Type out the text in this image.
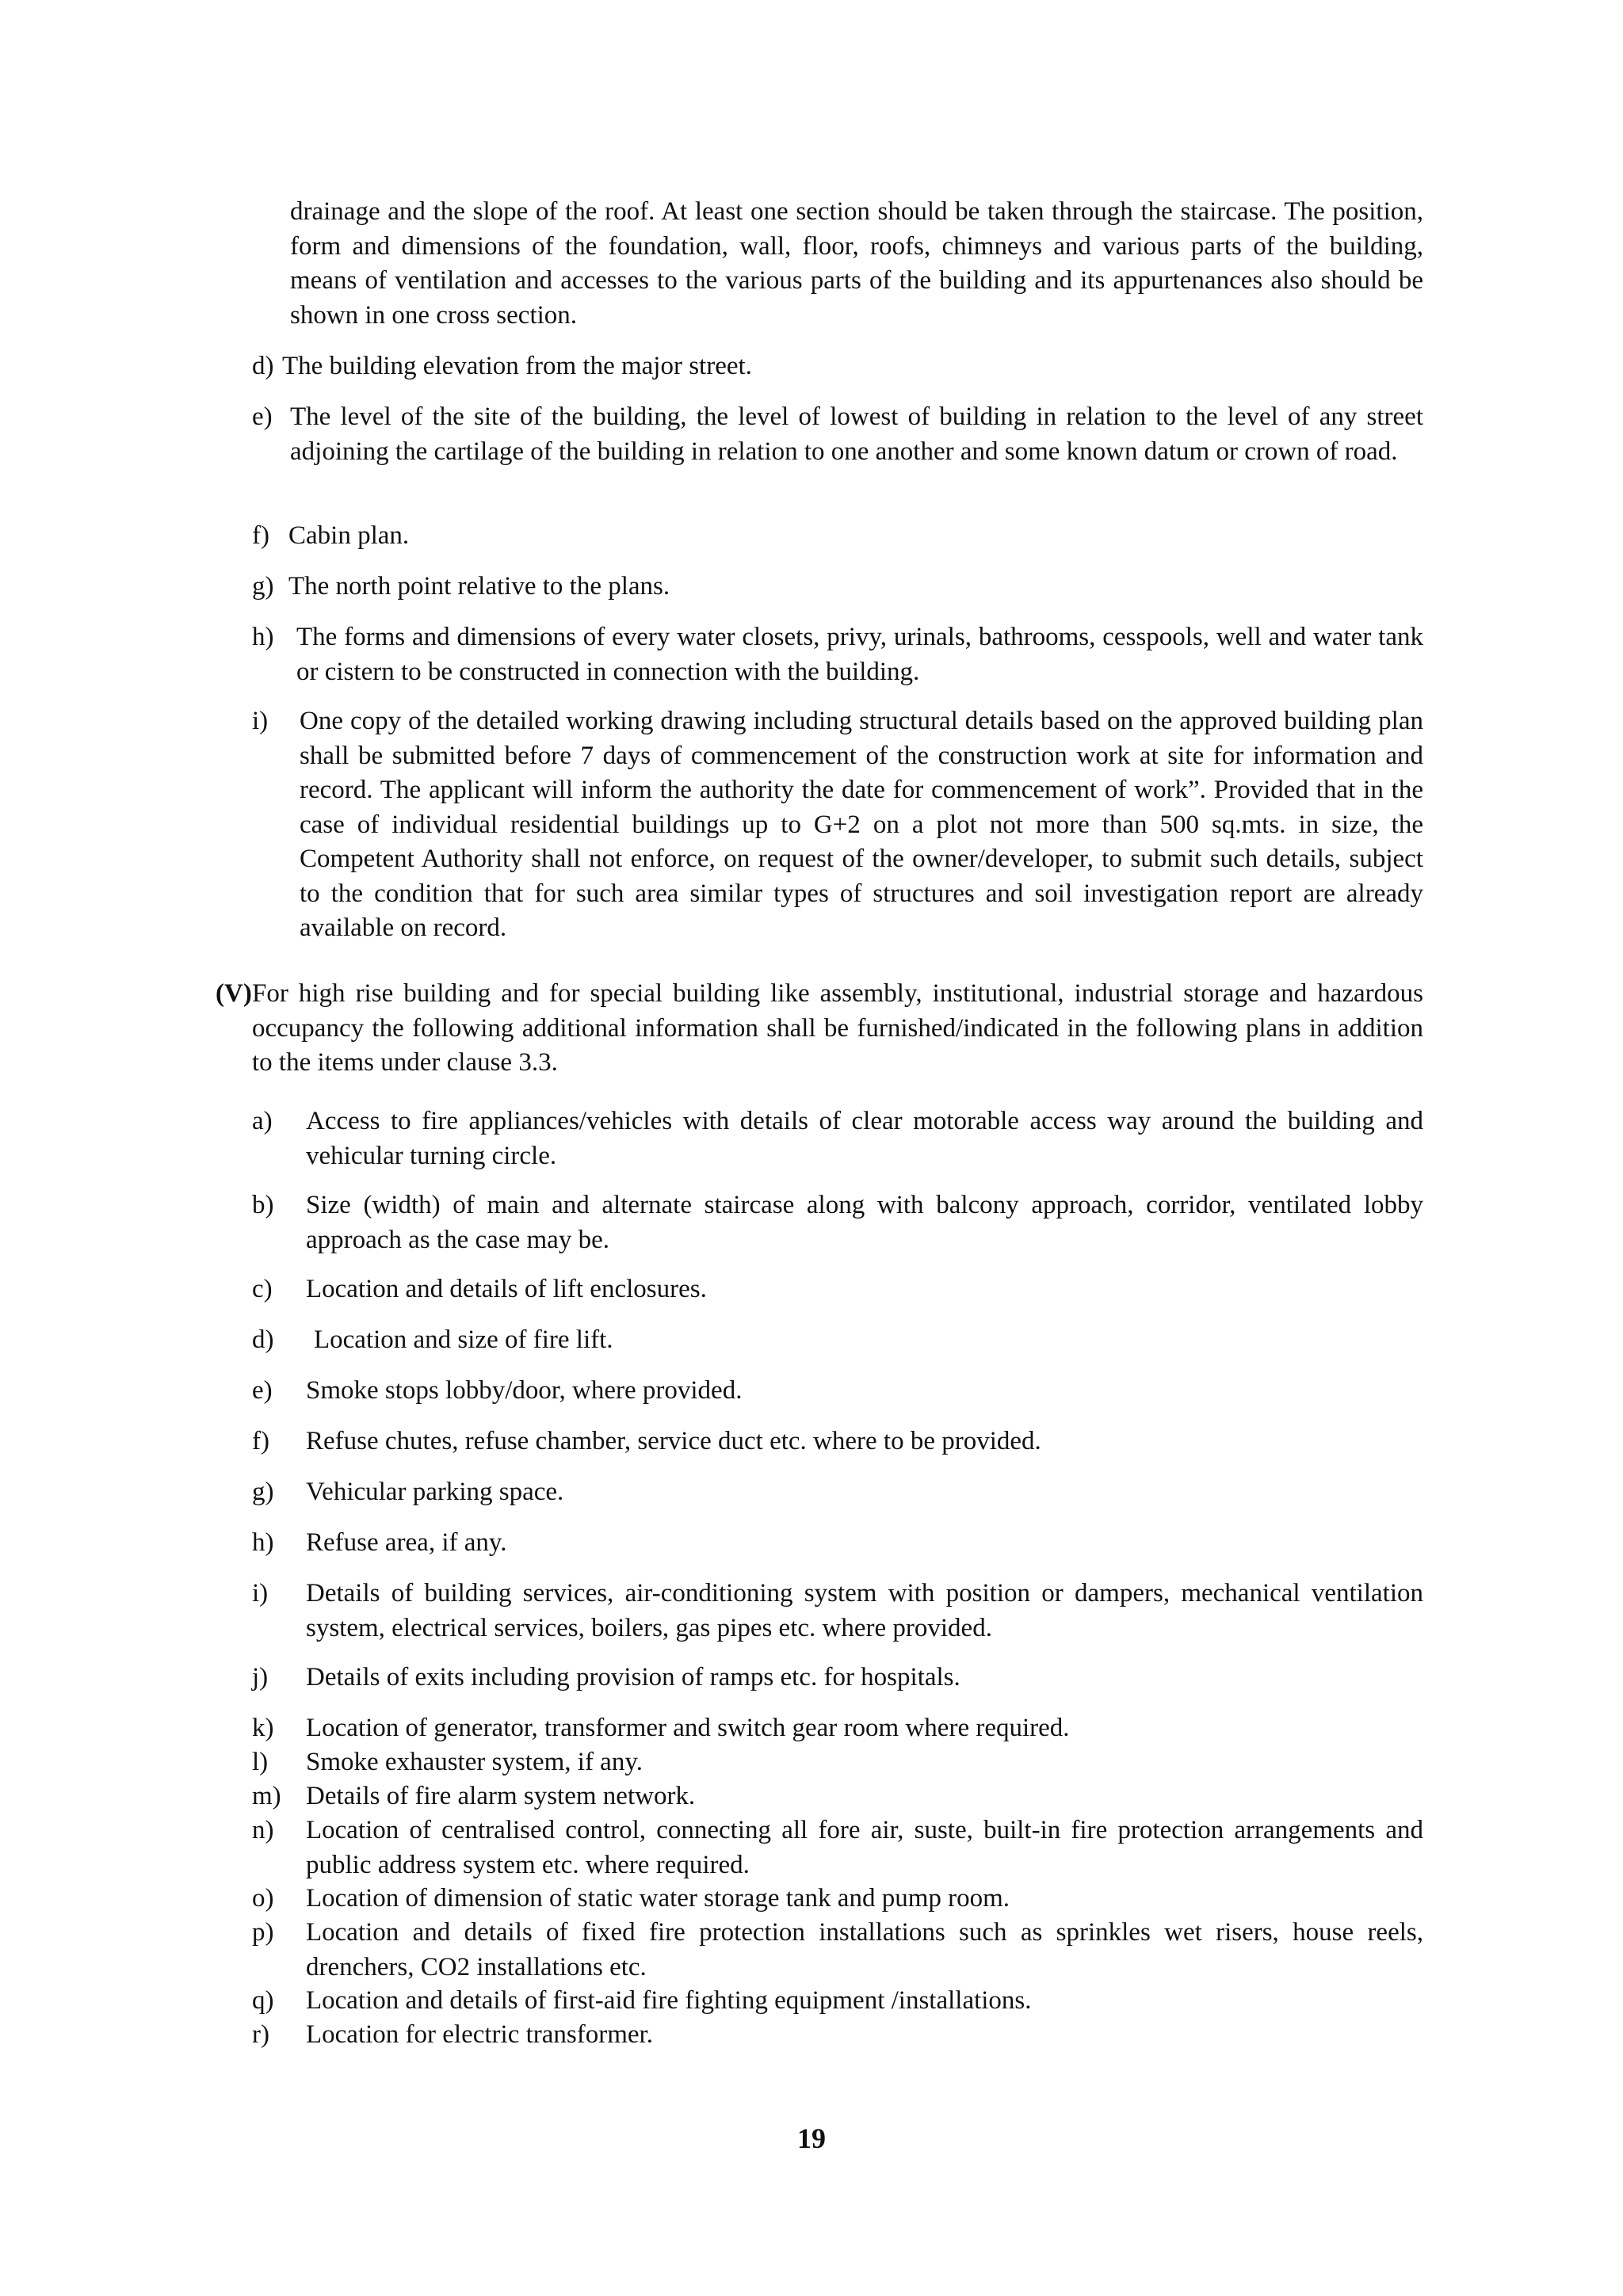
drainage and the slope of the roof. At least one section should be taken through the staircase. The position, form and dimensions of the foundation, wall, floor, roofs, chimneys and various parts of the building, means of ventilation and accesses to the various parts of the building and its appurtenances also should be shown in one cross section.
d) The building elevation from the major street.
e) The level of the site of the building, the level of lowest of building in relation to the level of any street adjoining the cartilage of the building in relation to one another and some known datum or crown of road.
f) Cabin plan.
g) The north point relative to the plans.
h) The forms and dimensions of every water closets, privy, urinals, bathrooms, cesspools, well and water tank or cistern to be constructed in connection with the building.
i)	One copy of the detailed working drawing including structural details based on the approved building plan shall be submitted before 7 days of commencement of the construction work at site for information and record. The applicant will inform the authority the date for commencement of work”. Provided that in the case of individual residential buildings up to G+2 on a plot not more than 500 sq.mts. in size, the Competent Authority shall not enforce, on request of the owner/developer, to submit such details, subject to the condition that for such area similar types of structures and soil investigation report are already available on record.
(V) For high rise building and for special building like assembly, institutional, industrial storage and hazardous occupancy the following additional information shall be furnished/indicated in the following plans in addition to the items under clause 3.3.
a)	Access to fire appliances/vehicles with details of clear motorable access way around the building and vehicular turning circle.
b)	Size (width) of main and alternate staircase along with balcony approach, corridor, ventilated lobby approach as the case may be.
c)	Location and details of lift enclosures.
d)	Location and size of fire lift.
e)	Smoke stops lobby/door, where provided.
f)	Refuse chutes, refuse chamber, service duct etc. where to be provided.
g)	Vehicular parking space.
h)	Refuse area, if any.
i)	Details of building services, air-conditioning system with position or dampers, mechanical ventilation system, electrical services, boilers, gas pipes etc. where provided.
j)	Details of exits including provision of ramps etc. for hospitals.
k)	Location of generator, transformer and switch gear room where required.
l)	Smoke exhauster system, if any.
m) Details of fire alarm system network.
n)	Location of centralised control, connecting all fore air, suste, built-in fire protection arrangements and public address system etc. where required.
o)	Location of dimension of static water storage tank and pump room.
p)	Location and details of fixed fire protection installations such as sprinkles wet risers, house reels, drenchers, CO2 installations etc.
q)	Location and details of first-aid fire fighting equipment /installations.
r)	Location for electric transformer.
19
